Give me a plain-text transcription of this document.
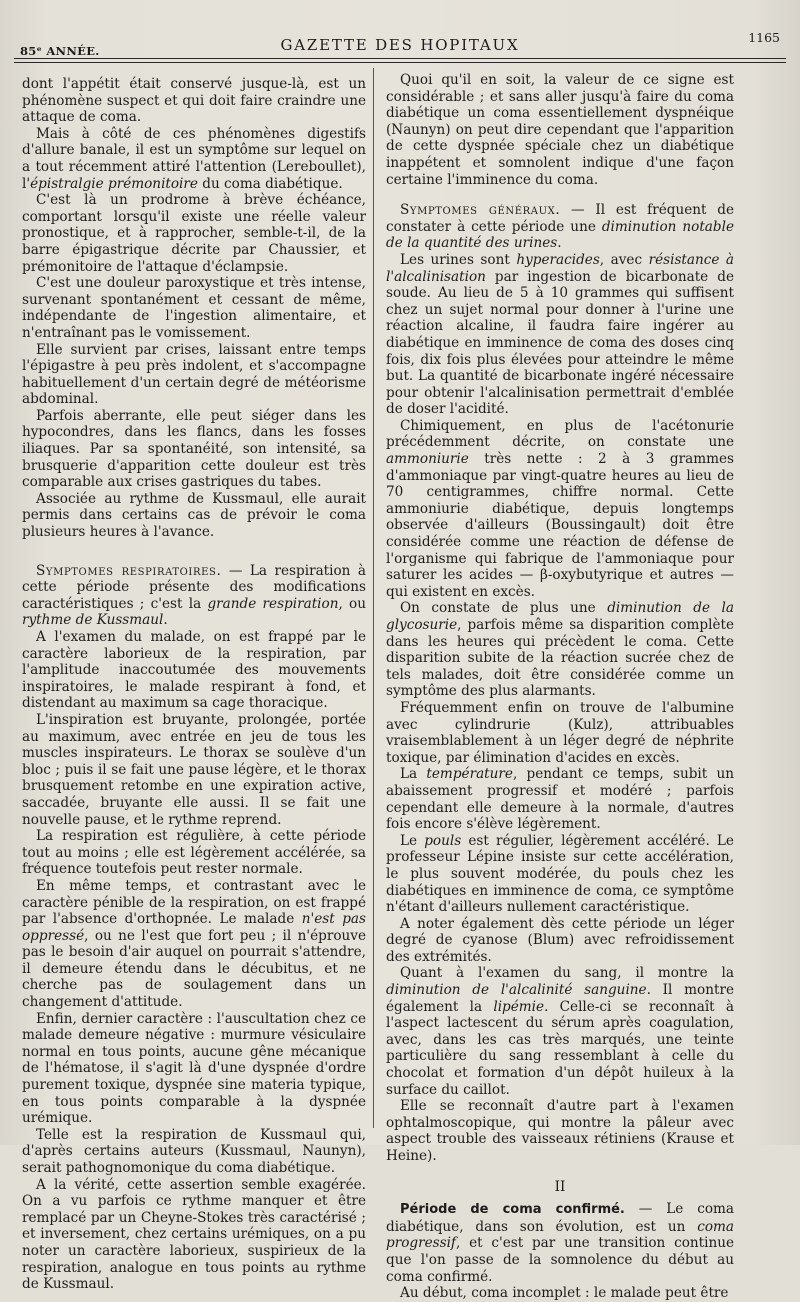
85ᵉ ANNÉE.	GAZETTE DES HOPITAUX	1165

dont l'appétit était conservé jusque-là, est un phénomène suspect et qui doit faire craindre une attaque de coma.

Mais à côté de ces phénomènes digestifs d'allure banale, il est un symptôme sur lequel on a tout récemment attiré l'attention (Lereboullet), l'épistralgie prémonitoire du coma diabétique.

C'est là un prodrome à brève échéance, comportant lorsqu'il existe une réelle valeur pronostique, et à rapprocher, semble-t-il, de la barre épigastrique décrite par Chaussier, et prémonitoire de l'attaque d'éclampsie.

C'est une douleur paroxystique et très intense, survenant spontanément et cessant de même, indépendante de l'ingestion alimentaire, et n'entraînant pas le vomissement.

Elle survient par crises, laissant entre temps l'épigastre à peu près indolent, et s'accompagne habituellement d'un certain degré de météorisme abdominal.

Parfois aberrante, elle peut siéger dans les hypocondres, dans les flancs, dans les fosses iliaques. Par sa spontanéité, son intensité, sa brusquerie d'apparition cette douleur est très comparable aux crises gastriques du tabes.

Associée au rythme de Kussmaul, elle aurait permis dans certains cas de prévoir le coma plusieurs heures à l'avance.

Symptomes respiratoires. — La respiration à cette période présente des modifications caractéristiques ; c'est la grande respiration, ou rythme de Kussmaul.

A l'examen du malade, on est frappé par le caractère laborieux de la respiration, par l'amplitude inaccoutumée des mouvements inspiratoires, le malade respirant à fond, et distendant au maximum sa cage thoracique.

L'inspiration est bruyante, prolongée, portée au maximum, avec entrée en jeu de tous les muscles inspirateurs. Le thorax se soulève d'un bloc ; puis il se fait une pause légère, et le thorax brusquement retombe en une expiration active, saccadée, bruyante elle aussi. Il se fait une nouvelle pause, et le rythme reprend.

La respiration est régulière, à cette période tout au moins ; elle est légèrement accélérée, sa fréquence toutefois peut rester normale.

En même temps, et contrastant avec le caractère pénible de la respiration, on est frappé par l'absence d'orthopnée. Le malade n'est pas oppressé, ou ne l'est que fort peu ; il n'éprouve pas le besoin d'air auquel on pourrait s'attendre, il demeure étendu dans le décubitus, et ne cherche pas de soulagement dans un changement d'attitude.

Enfin, dernier caractère : l'auscultation chez ce malade demeure négative : murmure vésiculaire normal en tous points, aucune gêne mécanique de l'hématose, il s'agit là d'une dyspnée d'ordre purement toxique, dyspnée sine materia typique, en tous points comparable à la dyspnée urémique.

Telle est la respiration de Kussmaul qui, d'après certains auteurs (Kussmaul, Naunyn), serait pathognomonique du coma diabétique.

A la vérité, cette assertion semble exagérée. On a vu parfois ce rythme manquer et être remplacé par un Cheyne-Stokes très caractérisé ; et inversement, chez certains urémiques, on a pu noter un caractère laborieux, suspirieux de la respiration, analogue en tous points au rythme de Kussmaul.

Quoi qu'il en soit, la valeur de ce signe est considérable ; et sans aller jusqu'à faire du coma diabétique un coma essentiellement dyspnéique (Naunyn) on peut dire cependant que l'apparition de cette dyspnée spéciale chez un diabétique inappétent et somnolent indique d'une façon certaine l'imminence du coma.

Symptomes généraux. — Il est fréquent de constater à cette période une diminution notable de la quantité des urines.

Les urines sont hyperacides, avec résistance à l'alcalinisation par ingestion de bicarbonate de soude. Au lieu de 5 à 10 grammes qui suffisent chez un sujet normal pour donner à l'urine une réaction alcaline, il faudra faire ingérer au diabétique en imminence de coma des doses cinq fois, dix fois plus élevées pour atteindre le même but. La quantité de bicarbonate ingéré nécessaire pour obtenir l'alcalinisation permettrait d'emblée de doser l'acidité.

Chimiquement, en plus de l'acétonurie précédemment décrite, on constate une ammoniurie très nette : 2 à 3 grammes d'ammoniaque par vingt-quatre heures au lieu de 70 centigrammes, chiffre normal. Cette ammoniurie diabétique, depuis longtemps observée d'ailleurs (Boussingault) doit être considérée comme une réaction de défense de l'organisme qui fabrique de l'ammoniaque pour saturer les acides — β-oxybutyrique et autres — qui existent en excès.

On constate de plus une diminution de la glycosurie, parfois même sa disparition complète dans les heures qui précèdent le coma. Cette disparition subite de la réaction sucrée chez de tels malades, doit être considérée comme un symptôme des plus alarmants.

Fréquemment enfin on trouve de l'albumine avec cylindrurie (Kulz), attribuables vraisemblablement à un léger degré de néphrite toxique, par élimination d'acides en excès.

La température, pendant ce temps, subit un abaissement progressif et modéré ; parfois cependant elle demeure à la normale, d'autres fois encore s'élève légèrement.

Le pouls est régulier, légèrement accéléré. Le professeur Lépine insiste sur cette accélération, le plus souvent modérée, du pouls chez les diabétiques en imminence de coma, ce symptôme n'étant d'ailleurs nullement caractéristique.

A noter également dès cette période un léger degré de cyanose (Blum) avec refroidissement des extrémités.

Quant à l'examen du sang, il montre la diminution de l'alcalinité sanguine. Il montre également la lipémie. Celle-ci se reconnaît à l'aspect lactescent du sérum après coagulation, avec, dans les cas très marqués, une teinte particulière du sang ressemblant à celle du chocolat et formation d'un dépôt huileux à la surface du caillot.

Elle se reconnaît d'autre part à l'examen ophtalmoscopique, qui montre la pâleur avec aspect trouble des vaisseaux rétiniens (Krause et Heine).

II

Période de coma confirmé. — Le coma diabétique, dans son évolution, est un coma progressif, et c'est par une transition continue que l'on passe de la somnolence du début au coma confirmé.

Au début, coma incomplet : le malade peut être
